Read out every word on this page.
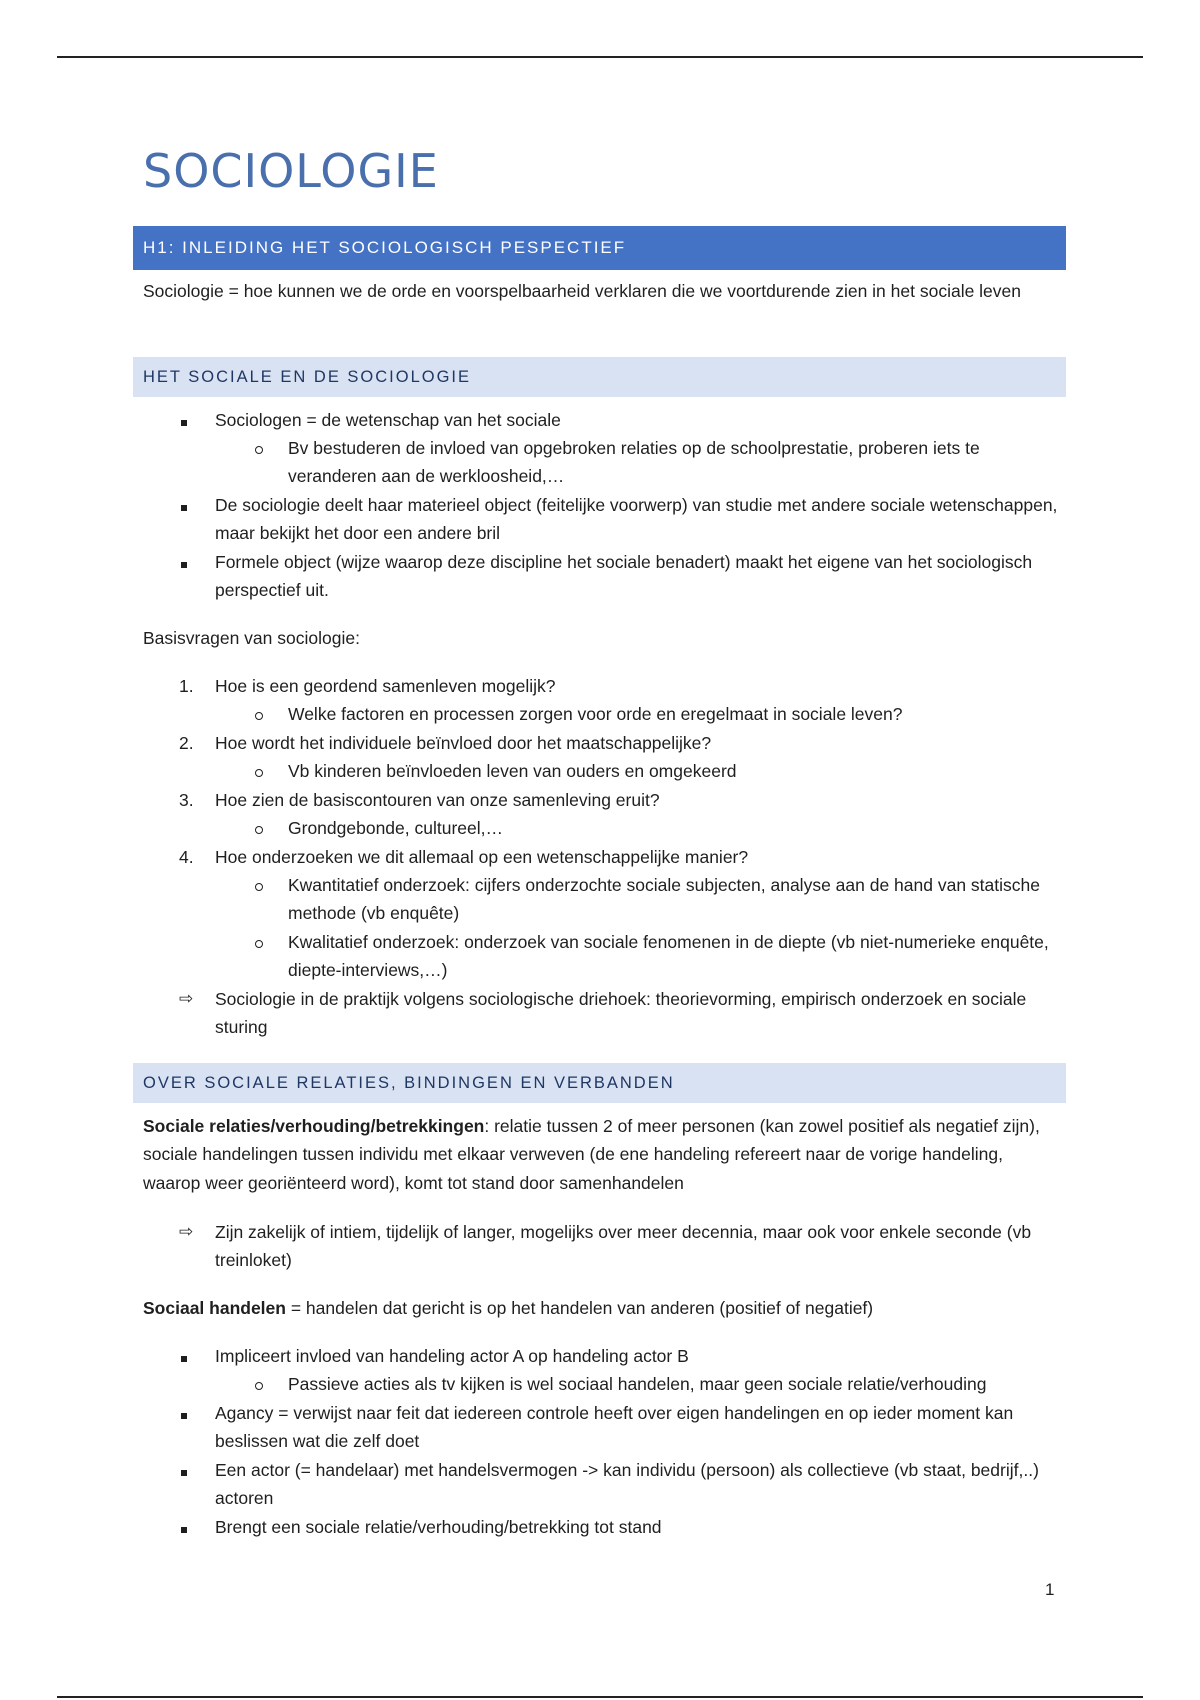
SOCIOLOGIE
H1: INLEIDING HET SOCIOLOGISCH PESPECTIEF
Sociologie = hoe kunnen we de orde en voorspelbaarheid verklaren die we voortdurende zien in het sociale leven
HET SOCIALE EN DE SOCIOLOGIE
Sociologen = de wetenschap van het sociale
Bv bestuderen de invloed van opgebroken relaties op de schoolprestatie, proberen iets te veranderen aan de werkloosheid,…
De sociologie deelt haar materieel object (feitelijke voorwerp) van studie met andere sociale wetenschappen, maar bekijkt het door een andere bril
Formele object (wijze waarop deze discipline het sociale benadert) maakt het eigene van het sociologisch perspectief uit.
Basisvragen van sociologie:
1.	Hoe is een geordend samenleven mogelijk?
Welke factoren en processen zorgen voor orde en eregelmaat in sociale leven?
2.	Hoe wordt het individuele beïnvloed door het maatschappelijke?
Vb kinderen beïnvloeden leven van ouders en omgekeerd
3.	Hoe zien de basiscontouren van onze samenleving eruit?
Grondgebonde, cultureel,…
4.	Hoe onderzoeken we dit allemaal op een wetenschappelijke manier?
Kwantitatief onderzoek: cijfers onderzochte sociale subjecten, analyse aan de hand van statische methode (vb enquête)
Kwalitatief onderzoek: onderzoek van sociale fenomenen in de diepte (vb niet-numerieke enquête, diepte-interviews,…)
⇨	Sociologie in de praktijk volgens sociologische driehoek: theorievorming, empirisch onderzoek en sociale sturing
OVER SOCIALE RELATIES, BINDINGEN EN VERBANDEN
Sociale relaties/verhouding/betrekkingen: relatie tussen 2 of meer personen (kan zowel positief als negatief zijn), sociale handelingen tussen individu met elkaar verweven (de ene handeling refereert naar de vorige handeling, waarop weer georiënteerd word), komt tot stand door samenhandelen
⇨	Zijn zakelijk of intiem, tijdelijk of langer, mogelijks over meer decennia, maar ook voor enkele seconde (vb treinloket)
Sociaal handelen = handelen dat gericht is op het handelen van anderen (positief of negatief)
Impliceert invloed van handeling actor A op handeling actor B
Passieve acties als tv kijken is wel sociaal handelen, maar geen sociale relatie/verhouding
Agancy = verwijst naar feit dat iedereen controle heeft over eigen handelingen en op ieder moment kan beslissen wat die zelf doet
Een actor (= handelaar) met handelsvermogen -> kan individu (persoon) als collectieve (vb staat, bedrijf,..) actoren
Brengt een sociale relatie/verhouding/betrekking tot stand
1
